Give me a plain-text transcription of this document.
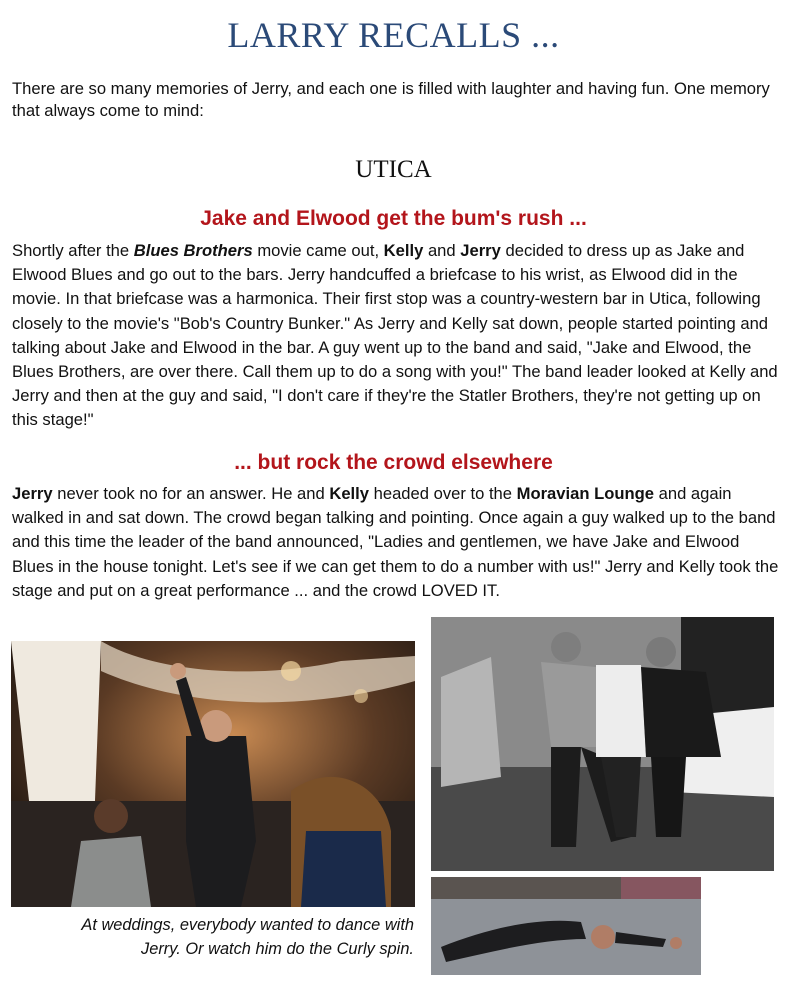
LARRY RECALLS ...
There are so many memories of Jerry, and each one is filled with laughter and having fun. One memory that always come to mind:
UTICA
Jake and Elwood get the bum's rush ...
Shortly after the Blues Brothers movie came out, Kelly and Jerry decided to dress up as Jake and Elwood Blues and go out to the bars. Jerry handcuffed a briefcase to his wrist, as Elwood did in the movie. In that briefcase was a harmonica. Their first stop was a country-western bar in Utica, following closely to the movie's "Bob's Country Bunker." As Jerry and Kelly sat down, people started pointing and talking about Jake and Elwood in the bar. A guy went up to the band and said, "Jake and Elwood, the Blues Brothers, are over there. Call them up to do a song with you!" The band leader looked at Kelly and Jerry and then at the guy and said, "I don't care if they're the Statler Brothers, they're not getting up on this stage!"
... but rock the crowd elsewhere
Jerry never took no for an answer. He and Kelly headed over to the Moravian Lounge and again walked in and sat down. The crowd began talking and pointing. Once again a guy walked up to the band and this time the leader of the band announced, "Ladies and gentlemen, we have Jake and Elwood Blues in the house tonight. Let's see if we can get them to do a number with us!" Jerry and Kelly took the stage and put on a great performance ... and the crowd LOVED IT.
At weddings, everybody wanted to dance with Jerry. Or watch him do the Curly spin.
